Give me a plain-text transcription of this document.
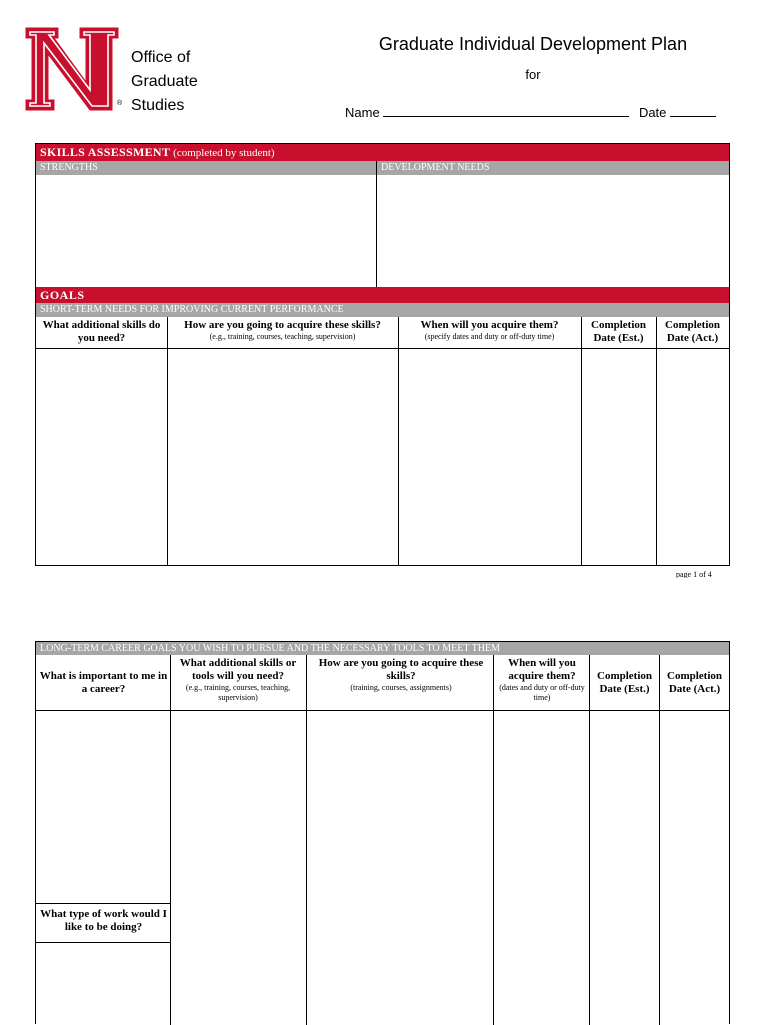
®
Office of
Graduate
Studies
Graduate Individual Development Plan
for
Name	Date
SKILLS ASSESSMENT (completed by student)
STRENGTHS	DEVELOPMENT NEEDS
GOALS
SHORT-TERM NEEDS FOR IMPROVING CURRENT PERFORMANCE
What additional skills do you need?
How are you going to acquire these skills?
(e.g., training, courses, teaching, supervision)
When will you acquire them?
(specify dates and duty or off-duty time)
Completion Date (Est.)
Completion Date (Act.)
page 1 of 4
LONG-TERM CAREER GOALS YOU WISH TO PURSUE AND THE NECESSARY TOOLS TO MEET THEM
What is important to me in a career?
What additional skills or tools will you need?
(e.g., training, courses, teaching, supervision)
How are you going to acquire these skills?
(training, courses, assignments)
When will you acquire them?
(dates and duty or off-duty time)
Completion Date (Est.)
Completion Date (Act.)
What type of work would I like to be doing?
